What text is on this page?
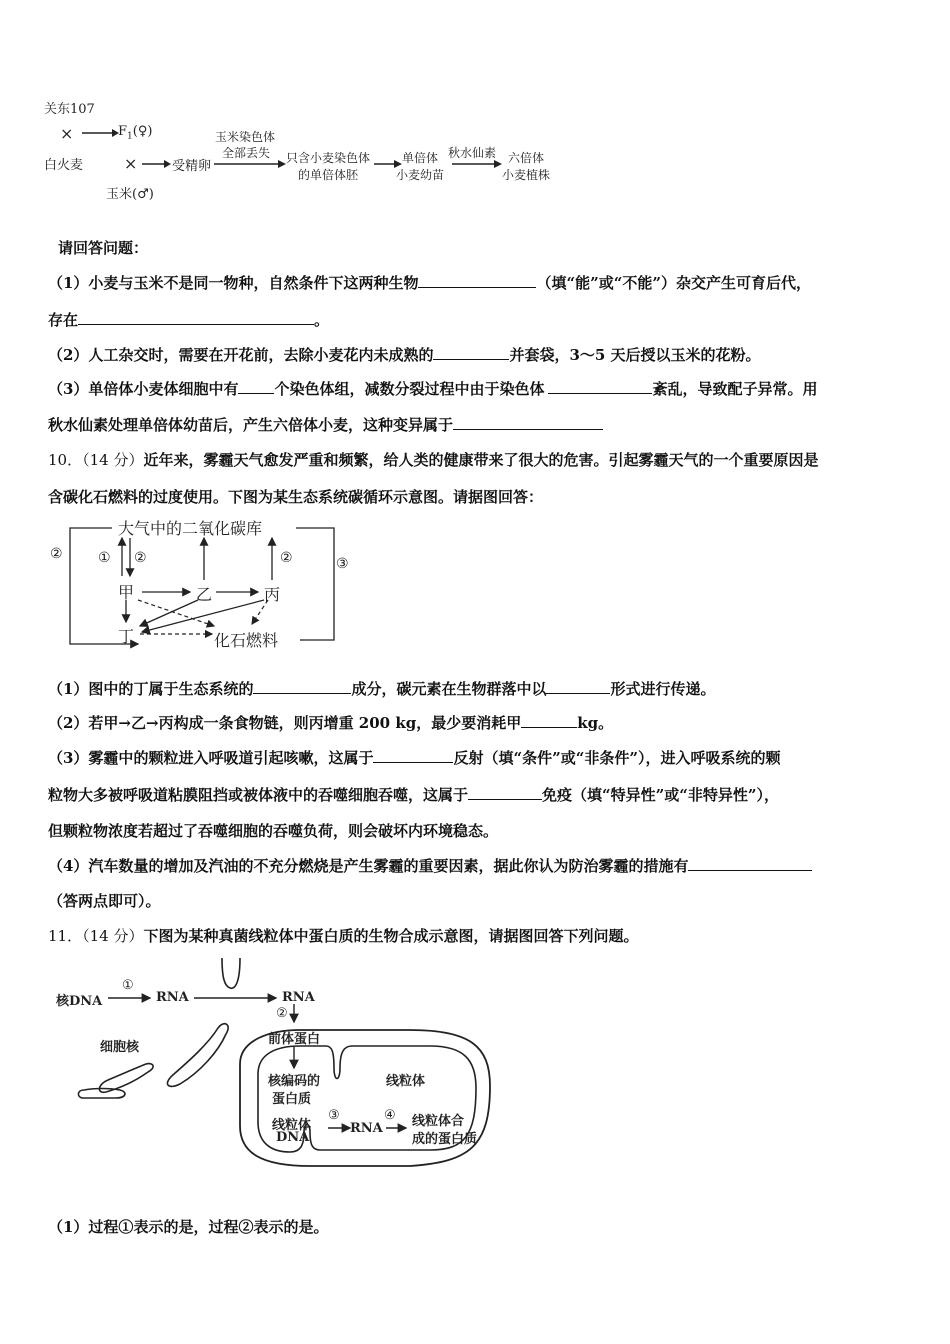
关东107
×	$F_1(♀)$
白火麦	×	受精卵
玉米(♂)
玉米染色体
全部丢失 只含小麦染色体
的单倍体胚
单倍体
小麦幼苗
秋水仙素 六倍体
小麦植株
请回答问题：
（1）小麦与玉米不是同一物种，自然条件下这两种生物	（填“能”或“不能”）杂交产生可育后代，
存在	。
（2）人工杂交时，需要在开花前，去除小麦花内未成熟的	并套袋，3～5 天后授以玉米的花粉。
（3）单倍体小麦体细胞中有 个染色体组，减数分裂过程中由于染色体	紊乱，导致配子异常。用
秋水仙素处理单倍体幼苗后，产生六倍体小麦，这种变异属于
10．（14 分）近年来，雾霾天气愈发严重和频繁，给人类的健康带来了很大的危害。引起雾霾天气的一个重要原因是
含碳化石燃料的过度使用。下图为某生态系统碳循环示意图。请据图回答：
大气中的二氧化碳库
②	① ②	②	③
甲	乙	丙
丁	化石燃料
（1）图中的丁属于生态系统的	成分，碳元素在生物群落中以	形式进行传递。
（2）若甲→乙→丙构成一条食物链，则丙增重 200 kg，最少要消耗甲	kg。
（3）雾霾中的颗粒进入呼吸道引起咳嗽，这属于	反射（填“条件”或“非条件”），进入呼吸系统的颗
粒物大多被呼吸道粘膜阻挡或被体液中的吞噬细胞吞噬，这属于	免疫（填“特异性”或“非特异性”），
但颗粒物浓度若超过了吞噬细胞的吞噬负荷，则会破坏内环境稳态。
（4）汽车数量的增加及汽油的不充分燃烧是产生雾霾的重要因素，据此你认为防治雾霾的措施有
（答两点即可）。
11．（14 分）下图为某种真菌线粒体中蛋白质的生物合成示意图，请据图回答下列问题。
核DNA
①
RNA	RNA
②
前体蛋白
细胞核
核编码的
蛋白质
线粒体
线粒体
DNA
③
RNA
④ 线粒体合
成的蛋白质
（1）过程①表示的是，过程②表示的是。
